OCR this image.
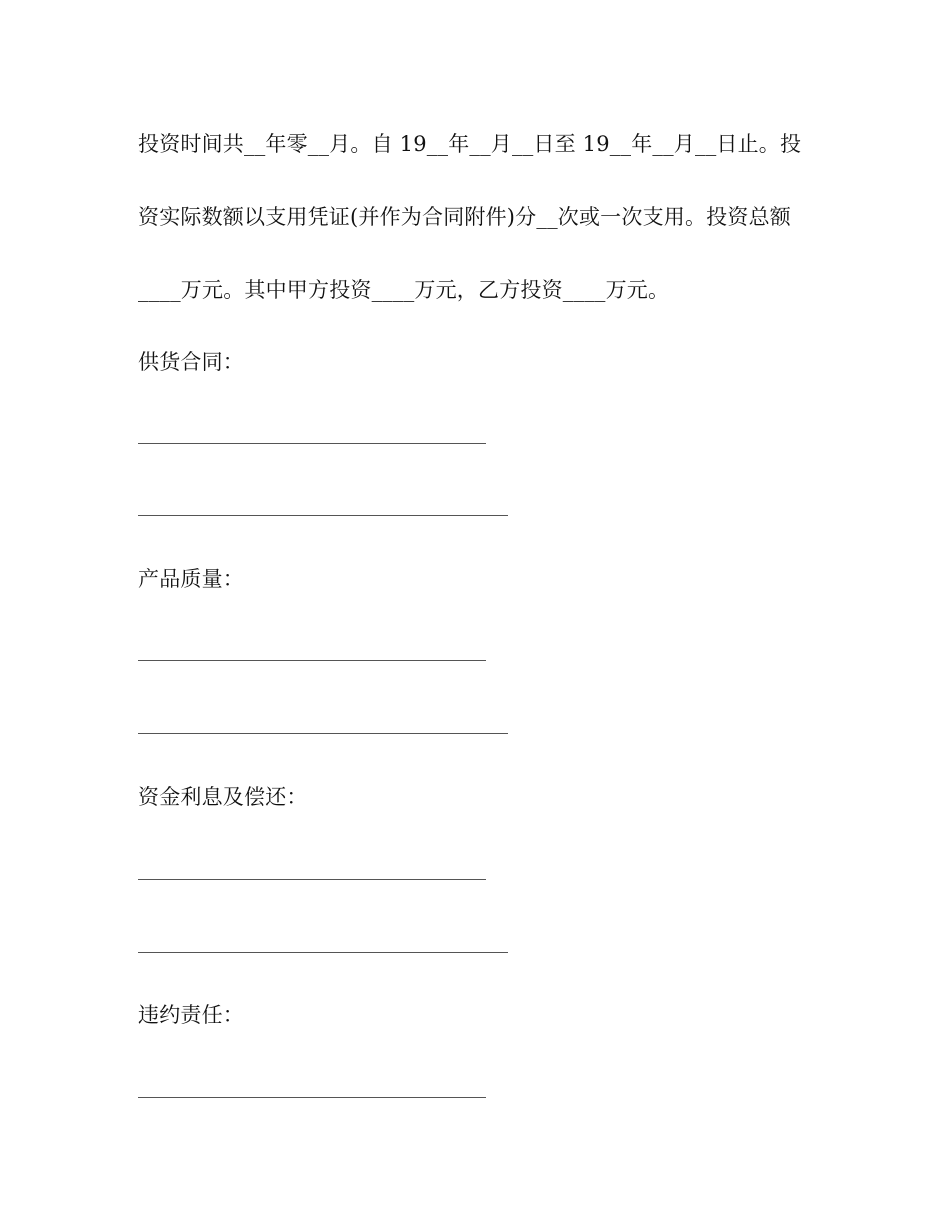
投资时间共__年零__月。自 19__年__月__日至 19__年__月__日止。投
资实际数额以支用凭证(并作为合同附件)分__次或一次支用。投资总额
____万元。其中甲方投资____万元，乙方投资____万元。
供货合同：
产品质量：
资金利息及偿还：
违约责任：
